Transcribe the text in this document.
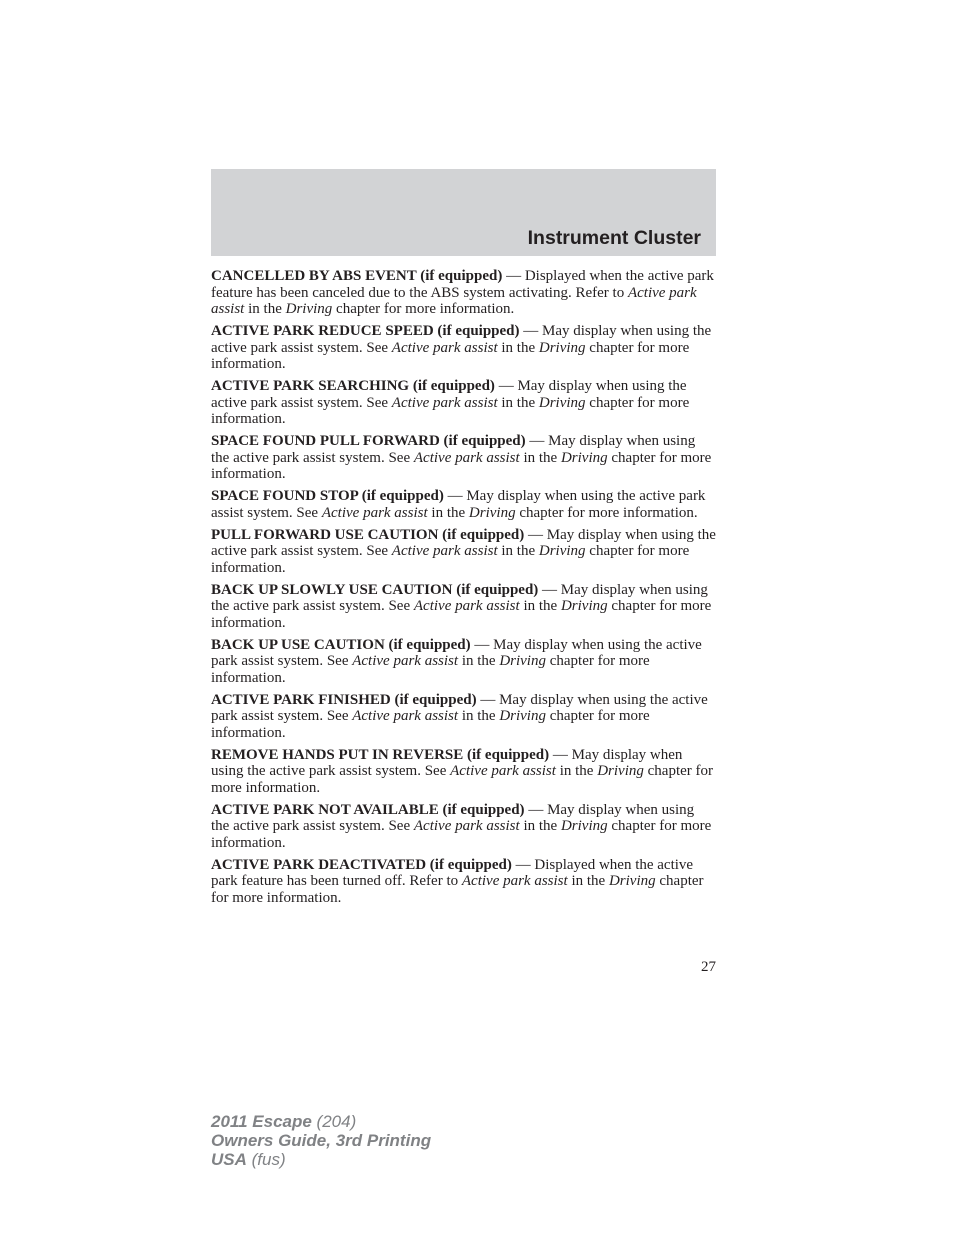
Instrument Cluster

CANCELLED BY ABS EVENT (if equipped) — Displayed when the active park feature has been canceled due to the ABS system activating. Refer to Active park assist in the Driving chapter for more information.

ACTIVE PARK REDUCE SPEED (if equipped) — May display when using the active park assist system. See Active park assist in the Driving chapter for more information.

ACTIVE PARK SEARCHING (if equipped) — May display when using the active park assist system. See Active park assist in the Driving chapter for more information.

SPACE FOUND PULL FORWARD (if equipped) — May display when using the active park assist system. See Active park assist in the Driving chapter for more information.

SPACE FOUND STOP (if equipped) — May display when using the active park assist system. See Active park assist in the Driving chapter for more information.

PULL FORWARD USE CAUTION (if equipped) — May display when using the active park assist system. See Active park assist in the Driving chapter for more information.

BACK UP SLOWLY USE CAUTION (if equipped) — May display when using the active park assist system. See Active park assist in the Driving chapter for more information.

BACK UP USE CAUTION (if equipped) — May display when using the active park assist system. See Active park assist in the Driving chapter for more information.

ACTIVE PARK FINISHED (if equipped) — May display when using the active park assist system. See Active park assist in the Driving chapter for more information.

REMOVE HANDS PUT IN REVERSE (if equipped) — May display when using the active park assist system. See Active park assist in the Driving chapter for more information.

ACTIVE PARK NOT AVAILABLE (if equipped) — May display when using the active park assist system. See Active park assist in the Driving chapter for more information.

ACTIVE PARK DEACTIVATED (if equipped) — Displayed when the active park feature has been turned off. Refer to Active park assist in the Driving chapter for more information.

27
2011 Escape (204)
Owners Guide, 3rd Printing
USA (fus)
